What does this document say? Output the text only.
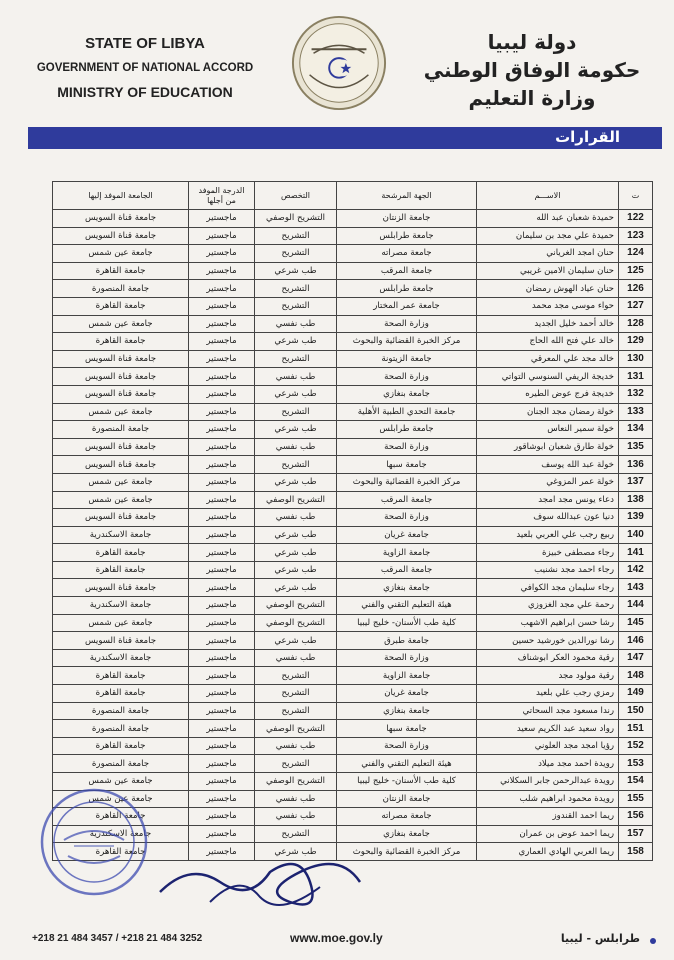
STATE OF LIBYA
GOVERNMENT OF NATIONAL ACCORD
MINISTRY OF EDUCATION
دولة ليبيا
حكومة الوفاق الوطني
وزارة التعليم
القرارات
ت	الاســـم	الجهة المرشحة	التخصص	الدرجة الموفد من أجلها	الجامعة الموفد إليها
122	حميدة شعبان عبد الله	جامعة الزنتان	التشريح الوصفي	ماجستير	جامعة قناة السويس
123	حميدة علي مجد بن سليمان	جامعة طرابلس	التشريح	ماجستير	جامعة قناة السويس
124	حنان امجد الغرياني	جامعة مصراته	التشريح	ماجستير	جامعة عين شمس
125	حنان سليمان الامين غريبي	جامعة المرقب	طب شرعي	ماجستير	جامعة القاهرة
126	حنان عياد الهوش رمضان	جامعة طرابلس	التشريح	ماجستير	جامعة المنصورة
127	حواء موسى مجد محمد	جامعة عمر المختار	التشريح	ماجستير	جامعة القاهرة
128	خالد أحمد خليل الجديد	وزارة الصحة	طب نفسي	ماجستير	جامعة عين شمس
129	خالد علي فتح الله الحاج	مركز الخبرة القضائية والبحوث	طب شرعي	ماجستير	جامعة القاهرة
130	خالد مجد علي المعرقي	جامعة الزيتونة	التشريح	ماجستير	جامعة قناة السويس
131	خديجة الريفي السنوسي التواتي	وزارة الصحة	طب نفسي	ماجستير	جامعة قناة السويس
132	خديجة فرج عوض الطيره	جامعة بنغازي	طب شرعي	ماجستير	جامعة قناة السويس
133	خولة رمضان مجد الجنان	جامعة التحدي الطبية الأهلية	التشريح	ماجستير	جامعة عين شمس
134	خولة سمير النعاس	جامعة طرابلس	طب شرعي	ماجستير	جامعة المنصورة
135	خولة طارق شعبان ابوشاقور	وزارة الصحة	طب نفسي	ماجستير	جامعة قناة السويس
136	خولة عبد الله يوسف	جامعة سبها	التشريح	ماجستير	جامعة قناة السويس
137	خولة عمر المزوغي	مركز الخبرة القضائية والبحوث	طب شرعي	ماجستير	جامعة عين شمس
138	دعاء يونس مجد امجد	جامعة المرقب	التشريح الوصفي	ماجستير	جامعة عين شمس
139	دنيا عون عبدالله سوف	وزارة الصحة	طب نفسي	ماجستير	جامعة قناة السويس
140	ربيع رجب علي العربي بلعيد	جامعة غريان	طب شرعي	ماجستير	جامعة الاسكندرية
141	رجاء مصطفى خبيزة	جامعة الزاوية	طب شرعي	ماجستير	جامعة القاهرة
142	رجاء احمد مجد نشنيب	جامعة المرقب	طب شرعي	ماجستير	جامعة القاهرة
143	رجاء سليمان مجد الكوافي	جامعة بنغازي	طب شرعي	ماجستير	جامعة قناة السويس
144	رحمة علي مجد الغزوزي	هيئة التعليم التقني والفني	التشريح الوصفي	ماجستير	جامعة الاسكندرية
145	رشا حسن ابراهيم الاشهب	كلية طب الأسنان- خليج ليبيا	التشريح الوصفي	ماجستير	جامعة عين شمس
146	رشا نورالدين خورشيد حسين	جامعة طبرق	طب شرعي	ماجستير	جامعة قناة السويس
147	رقية محمود العكر ابوشناف	وزارة الصحة	طب نفسي	ماجستير	جامعة الاسكندرية
148	رقية مولود مجد	جامعة الزاوية	التشريح	ماجستير	جامعة القاهرة
149	رمزي رجب علي بلعيد	جامعة غريان	التشريح	ماجستير	جامعة القاهرة
150	رندا مسعود مجد السحاتي	جامعة بنغازي	التشريح	ماجستير	جامعة المنصورة
151	رواد سعيد عبد الكريم سعيد	جامعة سبها	التشريح الوصفي	ماجستير	جامعة المنصورة
152	رؤيا امجد مجد العلوني	وزارة الصحة	طب نفسي	ماجستير	جامعة القاهرة
153	رويدة احمد مجد ميلاد	هيئة التعليم التقني والفني	التشريح	ماجستير	جامعة المنصورة
154	رويدة عبدالرحمن جابر السكلاني	كلية طب الأسنان- خليج ليبيا	التشريح الوصفي	ماجستير	جامعة عين شمس
155	رويدة محمود ابراهيم شلب	جامعة الزنتان	طب نفسي	ماجستير	جامعة عين شمس
156	ريما احمد القندوز	جامعة مصراته	طب نفسي	ماجستير	جامعة القاهرة
157	ريما احمد عوض بن عمران	جامعة بنغازي	التشريح	ماجستير	جامعة الاسكندرية
158	ريما العربي الهادي العماري	مركز الخبرة القضائية والبحوث	طب شرعي	ماجستير	جامعة القاهرة
+218 21 484 3457 / +218 21 484 3252	www.moe.gov.ly	طرابلس - ليبيا
